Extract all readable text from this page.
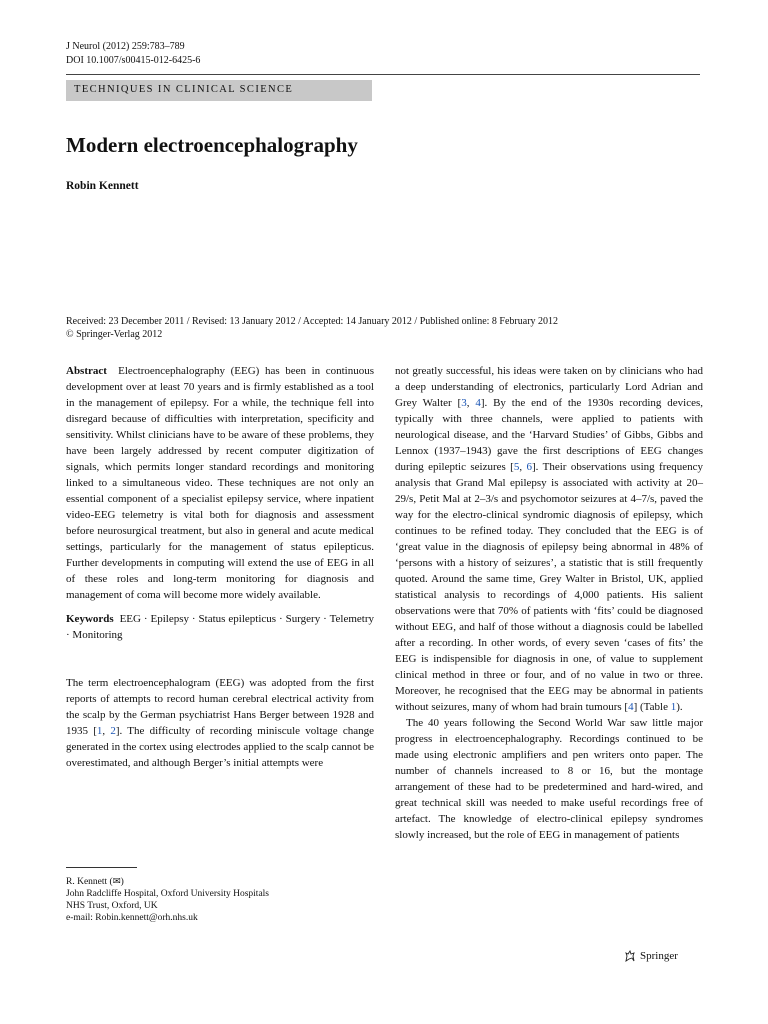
J Neurol (2012) 259:783–789
DOI 10.1007/s00415-012-6425-6
TECHNIQUES IN CLINICAL SCIENCE
Modern electroencephalography
Robin Kennett
Received: 23 December 2011 / Revised: 13 January 2012 / Accepted: 14 January 2012 / Published online: 8 February 2012
© Springer-Verlag 2012

Abstract Electroencephalography (EEG) has been in continuous development over at least 70 years and is firmly established as a tool in the management of epilepsy. For a while, the technique fell into disregard because of difficulties with interpretation, specificity and sensitivity. Whilst clinicians have to be aware of these problems, they have been largely addressed by recent computer digitization of signals, which permits longer standard recordings and monitoring linked to a simultaneous video. These techniques are not only an essential component of a specialist epilepsy service, where inpatient video-EEG telemetry is vital both for diagnosis and assessment before neurosurgical treatment, but also in general and acute medical settings, particularly for the management of status epilepticus. Further developments in computing will extend the use of EEG in all of these roles and long-term monitoring for diagnosis and management of coma will become more widely available.

Keywords EEG · Epilepsy · Status epilepticus · Surgery · Telemetry · Monitoring

The term electroencephalogram (EEG) was adopted from the first reports of attempts to record human cerebral electrical activity from the scalp by the German psychiatrist Hans Berger between 1928 and 1935 [1, 2]. The difficulty of recording miniscule voltage change generated in the cortex using electrodes applied to the scalp cannot be overestimated, and although Berger’s initial attempts were

not greatly successful, his ideas were taken on by clinicians who had a deep understanding of electronics, particularly Lord Adrian and Grey Walter [3, 4]. By the end of the 1930s recording devices, typically with three channels, were applied to patients with neurological disease, and the ‘Harvard Studies’ of Gibbs, Gibbs and Lennox (1937–1943) gave the first descriptions of EEG changes during epileptic seizures [5, 6]. Their observations using frequency analysis that Grand Mal epilepsy is associated with activity at 20–29/s, Petit Mal at 2–3/s and psychomotor seizures at 4–7/s, paved the way for the electro-clinical syndromic diagnosis of epilepsy, which continues to be refined today. They concluded that the EEG is of ‘great value in the diagnosis of epilepsy being abnormal in 48% of ‘persons with a history of seizures’, a statistic that is still frequently quoted. Around the same time, Grey Walter in Bristol, UK, applied statistical analysis to recordings of 4,000 patients. His salient observations were that 70% of patients with ‘fits’ could be diagnosed without EEG, and half of those without a diagnosis could be labelled after a recording. In other words, of every seven ‘cases of fits’ the EEG is indispensible for diagnosis in one, of value to supplement clinical method in three or four, and of no value in two or three. Moreover, he recognised that the EEG may be abnormal in patients without seizures, many of whom had brain tumours [4] (Table 1).

The 40 years following the Second World War saw little major progress in electroencephalography. Recordings continued to be made using electronic amplifiers and pen writers onto paper. The number of channels increased to 8 or 16, but the montage arrangement of these had to be predetermined and hard-wired, and great technical skill was needed to make useful recordings free of artefact. The knowledge of electro-clinical epilepsy syndromes slowly increased, but the role of EEG in management of patients

R. Kennett (✉)
John Radcliffe Hospital, Oxford University Hospitals
NHS Trust, Oxford, UK
e-mail: Robin.kennett@orh.nhs.uk
Springer
